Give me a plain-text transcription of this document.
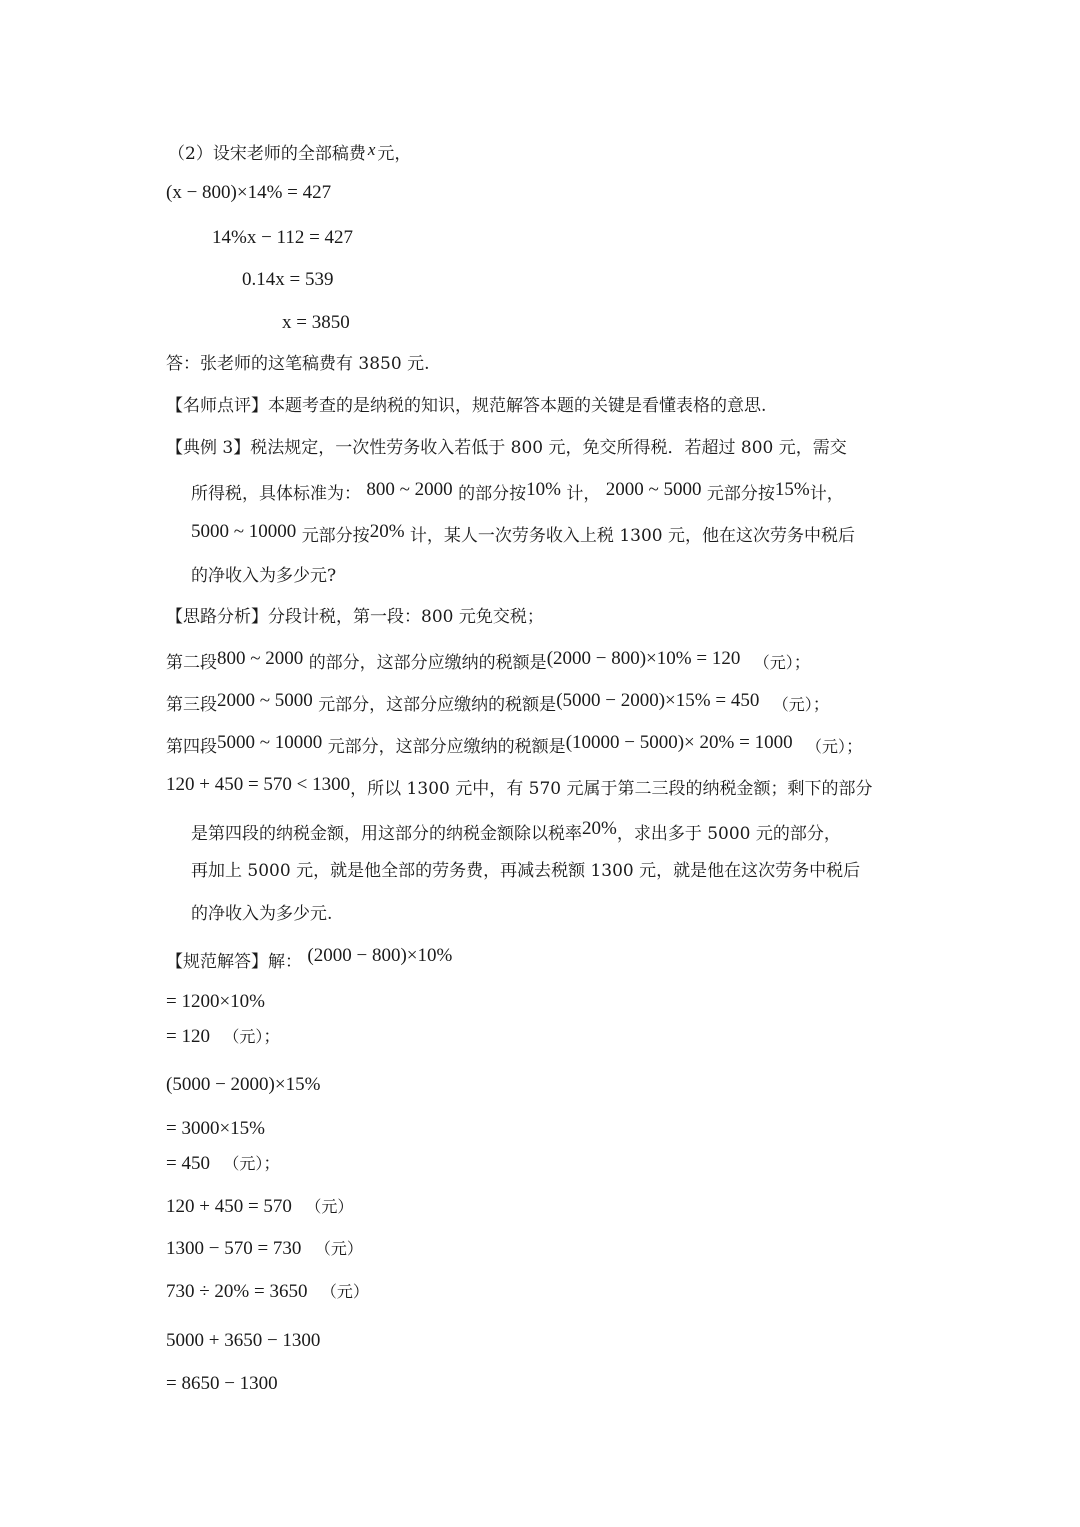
（2）设宋老师的全部稿费 x 元，
(x − 800)×14% = 427
14%x − 112 = 427
0.14x = 539
x = 3850
答：张老师的这笔稿费有 3850 元.
【名师点评】本题考查的是纳税的知识，规范解答本题的关键是看懂表格的意思.
【典例 3】税法规定，一次性劳务收入若低于 800 元，免交所得税．若超过 800 元，需交
所得税，具体标准为： 800 ~ 2000 的部分按10% 计， 2000 ~ 5000 元部分按15%计，
5000 ~ 10000 元部分按20% 计，某人一次劳务收入上税 1300 元，他在这次劳务中税后
的净收入为多少元?
【思路分析】分段计税，第一段：800 元免交税；
第二段800 ~ 2000 的部分，这部分应缴纳的税额是(2000 − 800)×10% = 120 （元）；
第三段2000 ~ 5000 元部分，这部分应缴纳的税额是(5000 − 2000)×15% = 450 （元）；
第四段5000 ~ 10000 元部分，这部分应缴纳的税额是(10000 − 5000)× 20% = 1000 （元）；
120 + 450 = 570 < 1300，所以 1300 元中，有 570 元属于第二三段的纳税金额；剩下的部分
是第四段的纳税金额，用这部分的纳税金额除以税率20%，求出多于 5000 元的部分，
再加上 5000 元，就是他全部的劳务费，再减去税额 1300 元，就是他在这次劳务中税后
的净收入为多少元.
【规范解答】解： (2000 − 800)×10%
= 1200×10%
= 120 （元）；
(5000 − 2000)×15%
= 3000×15%
= 450 （元）；
120 + 450 = 570 （元）
1300 − 570 = 730 （元）
730 ÷ 20% = 3650 （元）
5000 + 3650 − 1300
= 8650 − 1300
